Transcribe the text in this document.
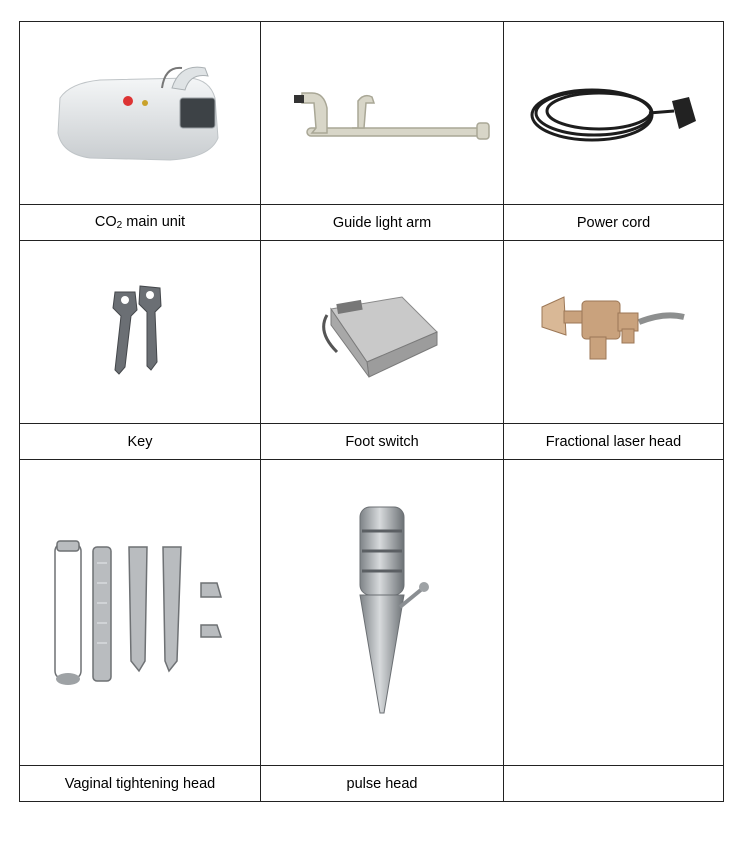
$CO_2$ main unit	Guide light arm	Power cord

Key	Foot switch	Fractional laser head

Vaginal tightening head	pulse head	
